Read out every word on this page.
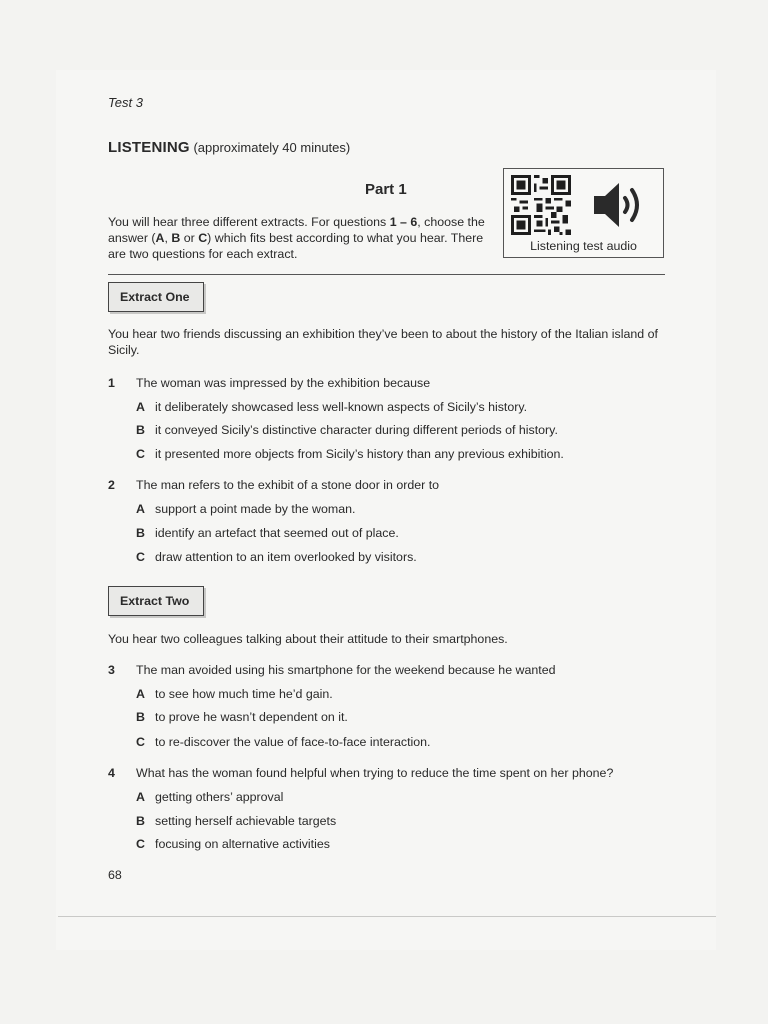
Test 3
LISTENING (approximately 40 minutes)
Part 1
You will hear three different extracts. For questions 1 – 6, choose the answer (A, B or C) which fits best according to what you hear. There are two questions for each extract.
Listening test audio
Extract One
You hear two friends discussing an exhibition they’ve been to about the history of the Italian island of Sicily.
1 The woman was impressed by the exhibition because
A it deliberately showcased less well-known aspects of Sicily’s history.
B it conveyed Sicily’s distinctive character during different periods of history.
C it presented more objects from Sicily’s history than any previous exhibition.
2 The man refers to the exhibit of a stone door in order to
A support a point made by the woman.
B identify an artefact that seemed out of place.
C draw attention to an item overlooked by visitors.
Extract Two
You hear two colleagues talking about their attitude to their smartphones.
3 The man avoided using his smartphone for the weekend because he wanted
A to see how much time he’d gain.
B to prove he wasn’t dependent on it.
C to re-discover the value of face-to-face interaction.
4 What has the woman found helpful when trying to reduce the time spent on her phone?
A getting others’ approval
B setting herself achievable targets
C focusing on alternative activities
68
